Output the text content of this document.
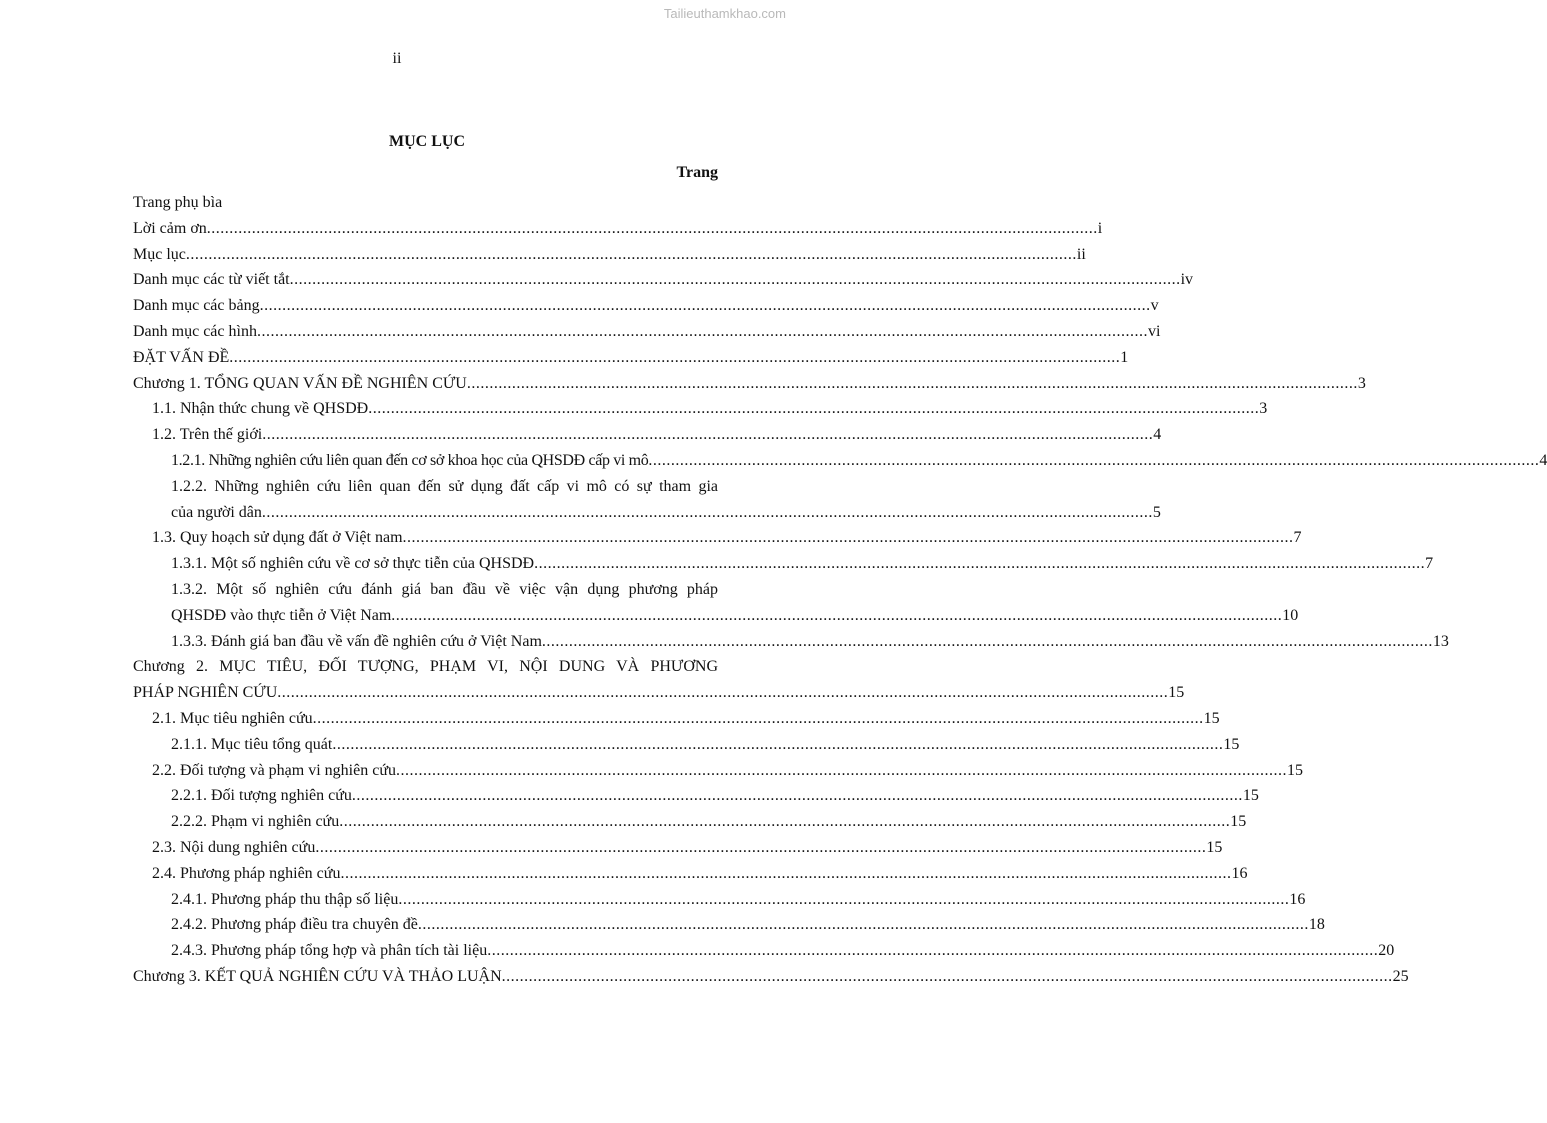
Tailieuthamkhao.com
ii
MỤC LỤC
Trang
Trang phụ bìa
Lời cảm ơn ...................................................................................................................................................................................................... i
Mục lục ...................................................................................................................................................................................................... ii
Danh mục các từ viết tắt ...................................................................................................................................................................................................... iv
Danh mục các bảng ...................................................................................................................................................................................................... v
Danh mục các hình ...................................................................................................................................................................................................... vi
ĐẶT VẤN ĐỀ ...................................................................................................................................................................................................... 1
Chương 1. TỔNG QUAN VẤN ĐỀ NGHIÊN CỨU ...................................................................................................................................................................................................... 3
1.1. Nhận thức chung về QHSDĐ ...................................................................................................................................................................................................... 3
1.2. Trên thế giới ...................................................................................................................................................................................................... 4
1.2.1. Những nghiên cứu liên quan đến cơ sở khoa học của QHSDĐ cấp vi mô ...................................................................................................................................................................................................... 4
1.2.2. Những nghiên cứu liên quan đến sử dụng đất cấp vi mô có sự tham gia
của người dân ...................................................................................................................................................................................................... 5
1.3. Quy hoạch sử dụng đất ở Việt nam ...................................................................................................................................................................................................... 7
1.3.1. Một số nghiên cứu về cơ sở thực tiễn của QHSDĐ ...................................................................................................................................................................................................... 7
1.3.2. Một số nghiên cứu đánh giá ban đầu về việc vận dụng phương pháp
QHSDĐ vào thực tiễn ở Việt Nam ...................................................................................................................................................................................................... 10
1.3.3. Đánh giá ban đầu về vấn đề nghiên cứu ở Việt Nam ...................................................................................................................................................................................................... 13
Chương 2. MỤC TIÊU, ĐỐI TƯỢNG, PHẠM VI, NỘI DUNG VÀ PHƯƠNG
PHÁP NGHIÊN CỨU ...................................................................................................................................................................................................... 15
2.1. Mục tiêu nghiên cứu ...................................................................................................................................................................................................... 15
2.1.1. Mục tiêu tổng quát ...................................................................................................................................................................................................... 15
2.2. Đối tượng và phạm vi nghiên cứu ...................................................................................................................................................................................................... 15
2.2.1. Đối tượng nghiên cứu ...................................................................................................................................................................................................... 15
2.2.2. Phạm vi nghiên cứu ...................................................................................................................................................................................................... 15
2.3. Nội dung nghiên cứu ...................................................................................................................................................................................................... 15
2.4. Phương pháp nghiên cứu ...................................................................................................................................................................................................... 16
2.4.1. Phương pháp thu thập số liệu ...................................................................................................................................................................................................... 16
2.4.2. Phương pháp điều tra chuyên đề ...................................................................................................................................................................................................... 18
2.4.3. Phương pháp tổng hợp và phân tích tài liệu ...................................................................................................................................................................................................... 20
Chương 3. KẾT QUẢ NGHIÊN CỨU VÀ THẢO LUẬN ...................................................................................................................................................................................................... 25
